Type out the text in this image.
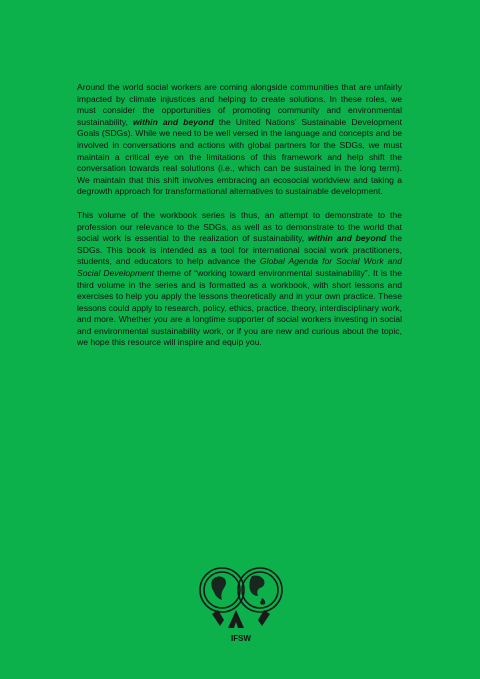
Around the world social workers are coming alongside communities that are unfairly impacted by climate injustices and helping to create solutions. In these roles, we must consider the opportunities of promoting community and environmental sustainability, within and beyond the United Nations’ Sustainable Development Goals (SDGs). While we need to be well versed in the language and concepts and be involved in conversations and actions with global partners for the SDGs, we must maintain a critical eye on the limitations of this framework and help shift the conversation towards real solutions (i.e., which can be sustained in the long term). We maintain that this shift involves embracing an ecosocial worldview and taking a degrowth approach for transformational alternatives to sustainable development.

This volume of the workbook series is thus, an attempt to demonstrate to the profession our relevance to the SDGs, as well as to demonstrate to the world that social work is essential to the realization of sustainability, within and beyond the SDGs. This book is intended as a tool for international social work practitioners, students, and educators to help advance the Global Agenda for Social Work and Social Development theme of “working toward environmental sustainability”. It is the third volume in the series and is formatted as a workbook, with short lessons and exercises to help you apply the lessons theoretically and in your own practice. These lessons could apply to research, policy, ethics, practice, theory, interdisciplinary work, and more. Whether you are a longtime supporter of social workers investing in social and environmental sustainability work, or if you are new and curious about the topic, we hope this resource will inspire and equip you.

IFSW
